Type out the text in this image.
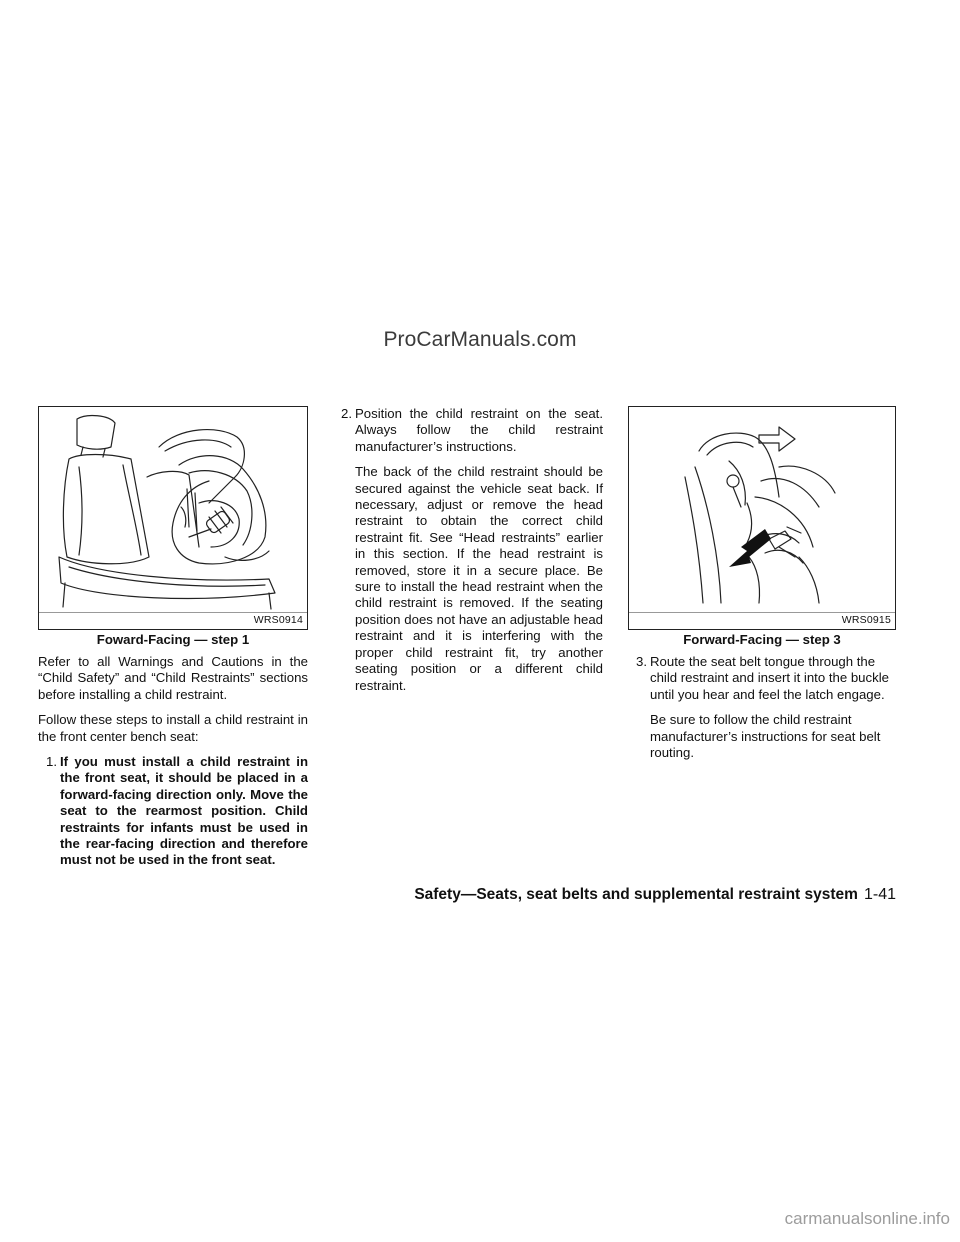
ProCarManuals.com
WRS0914
Foward-Facing — step 1

Refer to all Warnings and Cautions in the “Child Safety” and “Child Restraints” sections before installing a child restraint.

Follow these steps to install a child restraint in the front center bench seat:

1. If you must install a child restraint in the front seat, it should be placed in a forward-facing direction only. Move the seat to the rearmost position. Child restraints for infants must be used in the rear-facing direction and therefore must not be used in the front seat.
2. Position the child restraint on the seat. Always follow the child restraint manufacturer’s instructions.

The back of the child restraint should be secured against the vehicle seat back. If necessary, adjust or remove the head restraint to obtain the correct child restraint fit. See “Head restraints” earlier in this section. If the head restraint is removed, store it in a secure place. Be sure to install the head restraint when the child restraint is removed. If the seating position does not have an adjustable head restraint and it is interfering with the proper child restraint fit, try another seating position or a different child restraint.

WRS0915
Forward-Facing — step 3
3. Route the seat belt tongue through the child restraint and insert it into the buckle until you hear and feel the latch engage.

Be sure to follow the child restraint manufacturer’s instructions for seat belt routing.

Safety—Seats, seat belts and supplemental restraint system 1-41
carmanualsonline.info
